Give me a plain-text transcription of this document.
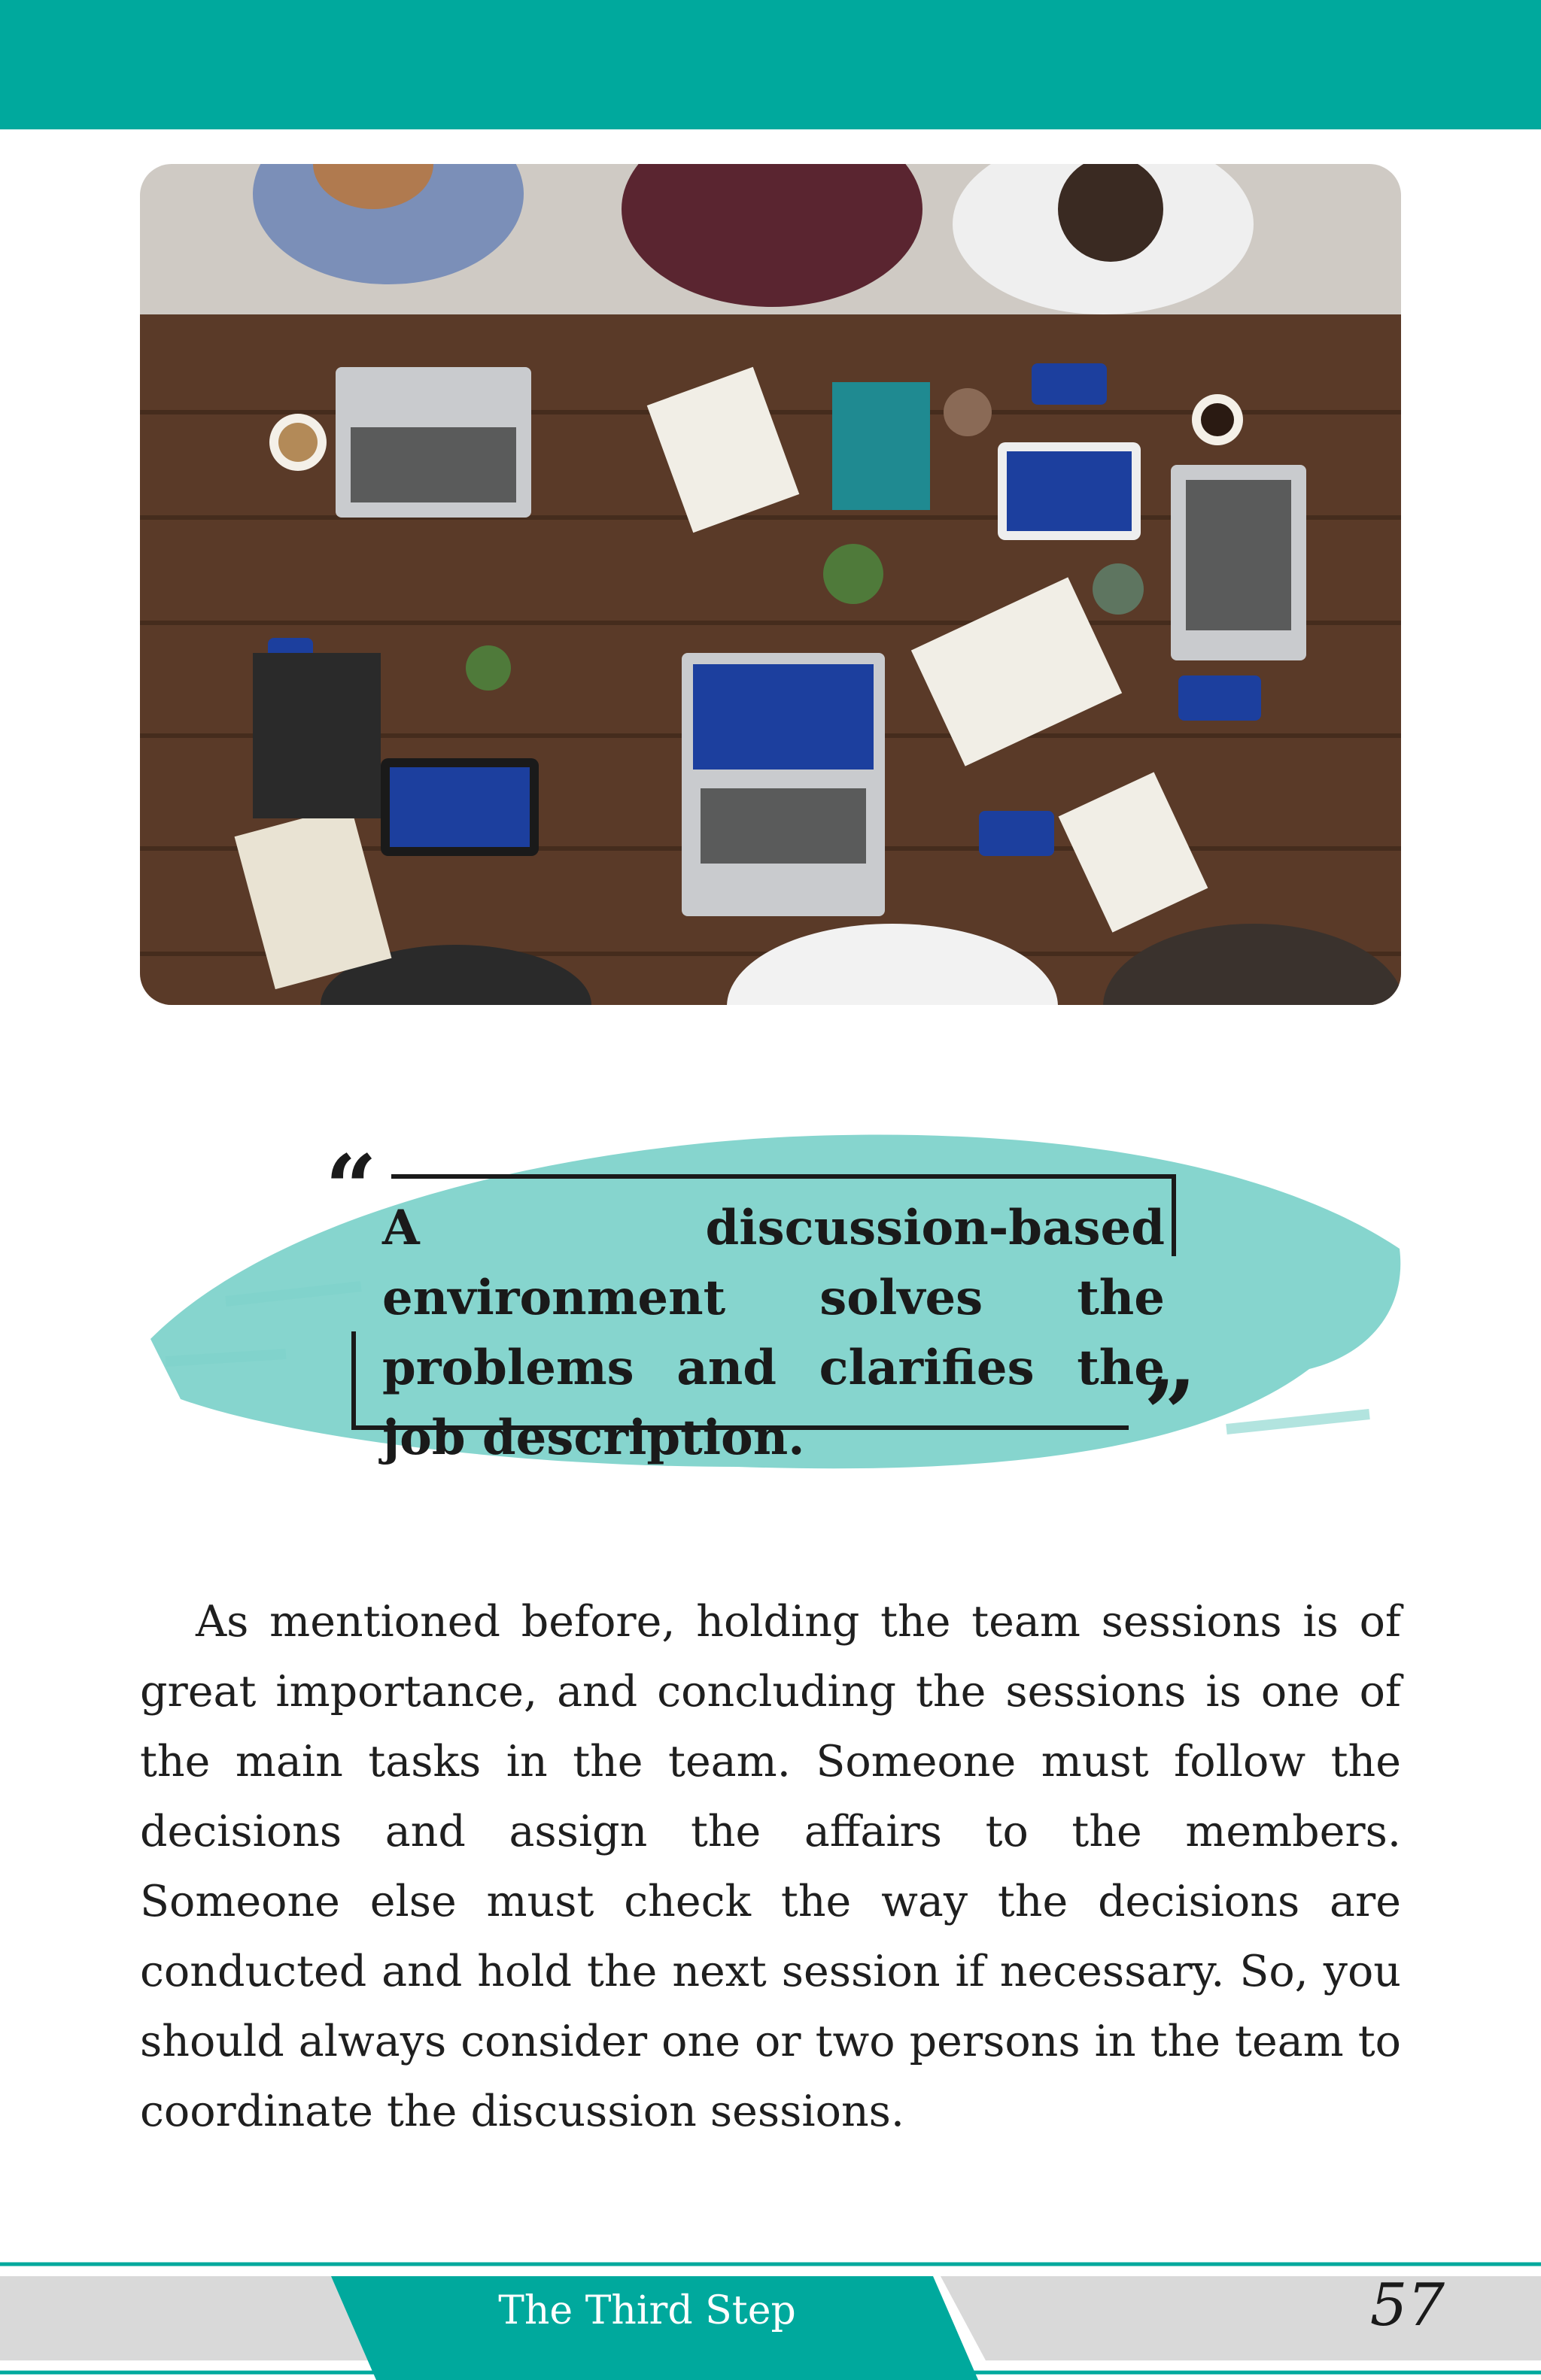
“
”
A discussion-based environment solves the problems and clarifies the job description.

As mentioned before, holding the team sessions is of great importance, and concluding the sessions is one of the main tasks in the team. Someone must follow the decisions and assign the affairs to the members. Someone else must check the way the decisions are conducted and hold the next session if necessary. So, you should always consider one or two persons in the team to coordinate the discussion sessions.

The Third Step	57
